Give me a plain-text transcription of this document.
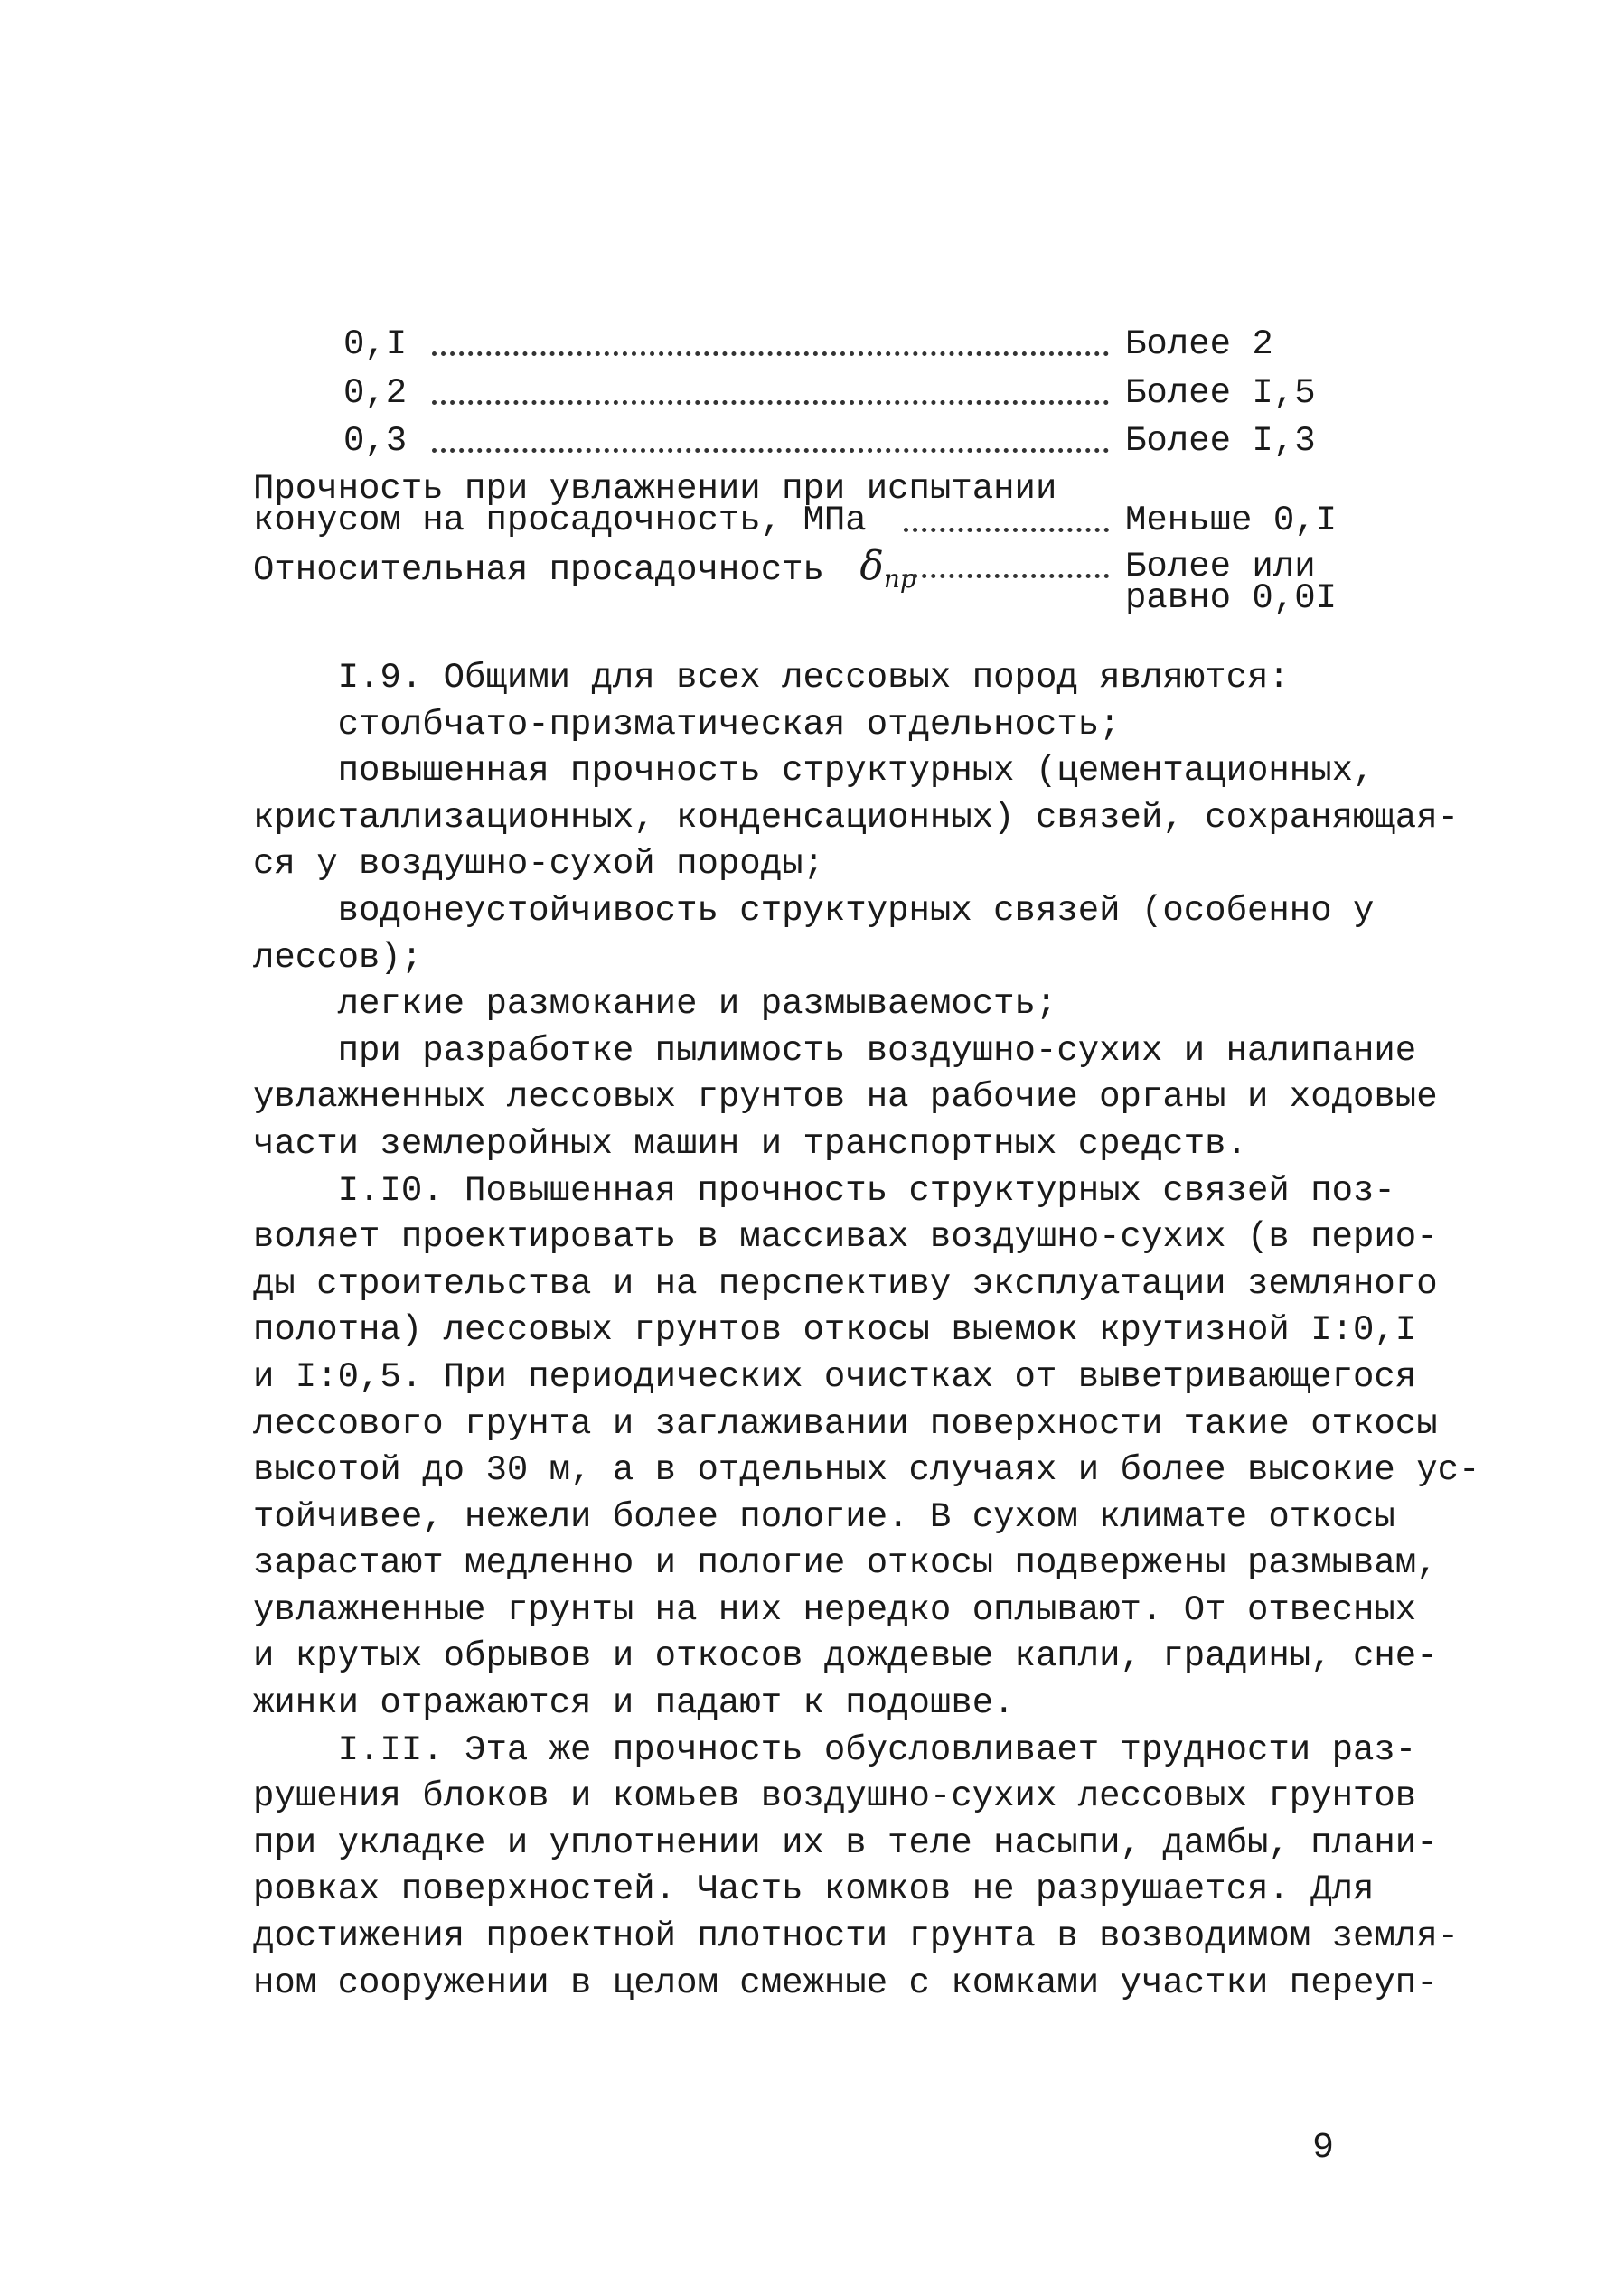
0,I	Более 2
0,2	Более I,5
0,3	Более I,3
Прочность при увлажнении при испытании
конусом на просадочность, МПа	Меньше 0,I
Относительная просадочность $\delta_{пр}$	Более или
равно 0,0I
I.9. Общими для всех лессовых пород являются:
столбчато-призматическая отдельность;
повышенная прочность структурных (цементационных,
кристаллизационных, конденсационных) связей, сохраняющая-
ся у воздушно-сухой породы;
водонеустойчивость структурных связей (особенно у
лессов);
легкие размокание и размываемость;
при разработке пылимость воздушно-сухих и налипание
увлажненных лессовых грунтов на рабочие органы и ходовые
части землеройных машин и транспортных средств.
I.I0. Повышенная прочность структурных связей поз-
воляет проектировать в массивах воздушно-сухих (в перио-
ды строительства и на перспективу эксплуатации земляного
полотна) лессовых грунтов откосы выемок крутизной I:0,I
и I:0,5. При периодических очистках от выветривающегося
лессового грунта и заглаживании поверхности такие откосы
высотой до 30 м, а в отдельных случаях и более высокие ус-
тойчивее, нежели более пологие. В сухом климате откосы
зарастают медленно и пологие откосы подвержены размывам,
увлажненные грунты на них нередко оплывают. От отвесных
и крутых обрывов и откосов дождевые капли, градины, сне-
жинки отражаются и падают к подошве.
I.II. Эта же прочность обусловливает трудности раз-
рушения блоков и комьев воздушно-сухих лессовых грунтов
при укладке и уплотнении их в теле насыпи, дамбы, плани-
ровках поверхностей. Часть комков не разрушается. Для
достижения проектной плотности грунта в возводимом земля-
ном сооружении в целом смежные с комками участки переуп-
9
